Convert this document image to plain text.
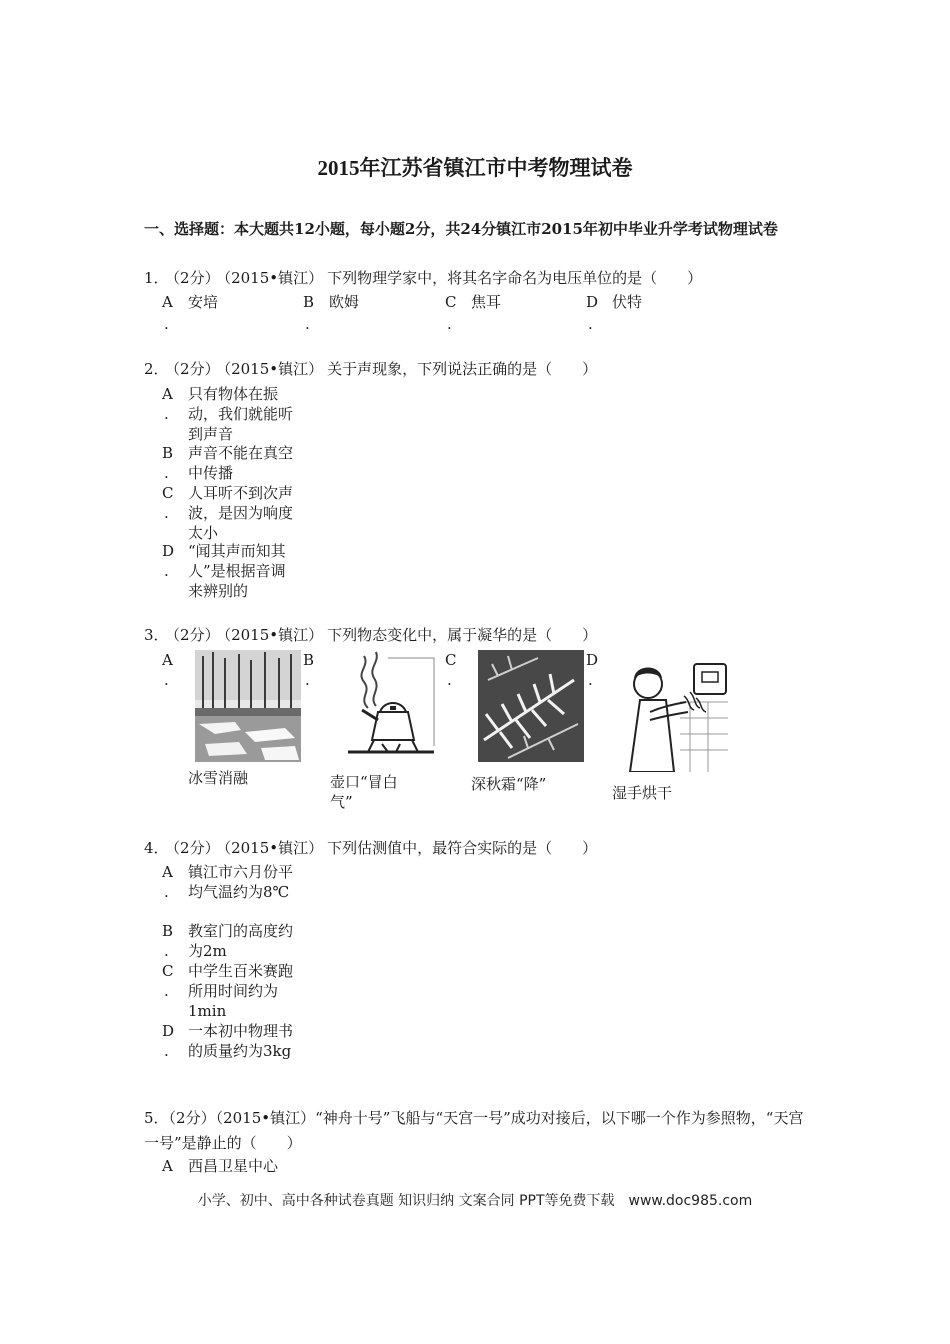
2015年江苏省镇江市中考物理试卷
一、选择题：本大题共12小题，每小题2分，共24分镇江市2015年初中毕业升学考试物理试卷
1． （2分） （2015•镇江） 下列物理学家中，将其名字命名为电压单位的是（　　）
A
.
安培	B
.
欧姆	C
.
焦耳	D
.
伏特
2． （2分） （2015•镇江） 关于声现象，下列说法正确的是（　　）
A
.
只有物体在振动，我们就能听到声音
B
.
声音不能在真空中传播
C
.
人耳听不到次声波，是因为响度太小
D
.
“闻其声而知其人”是根据音调来辨别的
3． （2分） （2015•镇江） 下列物态变化中，属于凝华的是（　　）
A
.
冰雪消融
B
.
壶口“冒白气”
C
.
深秋霜“降”
D
.
湿手烘干
4． （2分） （2015•镇江） 下列估测值中，最符合实际的是（　　）
A
.
镇江市六月份平均气温约为8℃
B
.
教室门的高度约为2m
C
.
中学生百米赛跑所用时间约为1min
D
.
一本初中物理书的质量约为3kg
5．（2分）（2015•镇江）“神舟十号”飞船与“天宫一号”成功对接后，以下哪一个作为参照物，“天宫一号”是静止的（　　）
A 西昌卫星中心
小学、初中、高中各种试卷真题 知识归纳 文案合同 PPT等免费下载　www.doc985.com
